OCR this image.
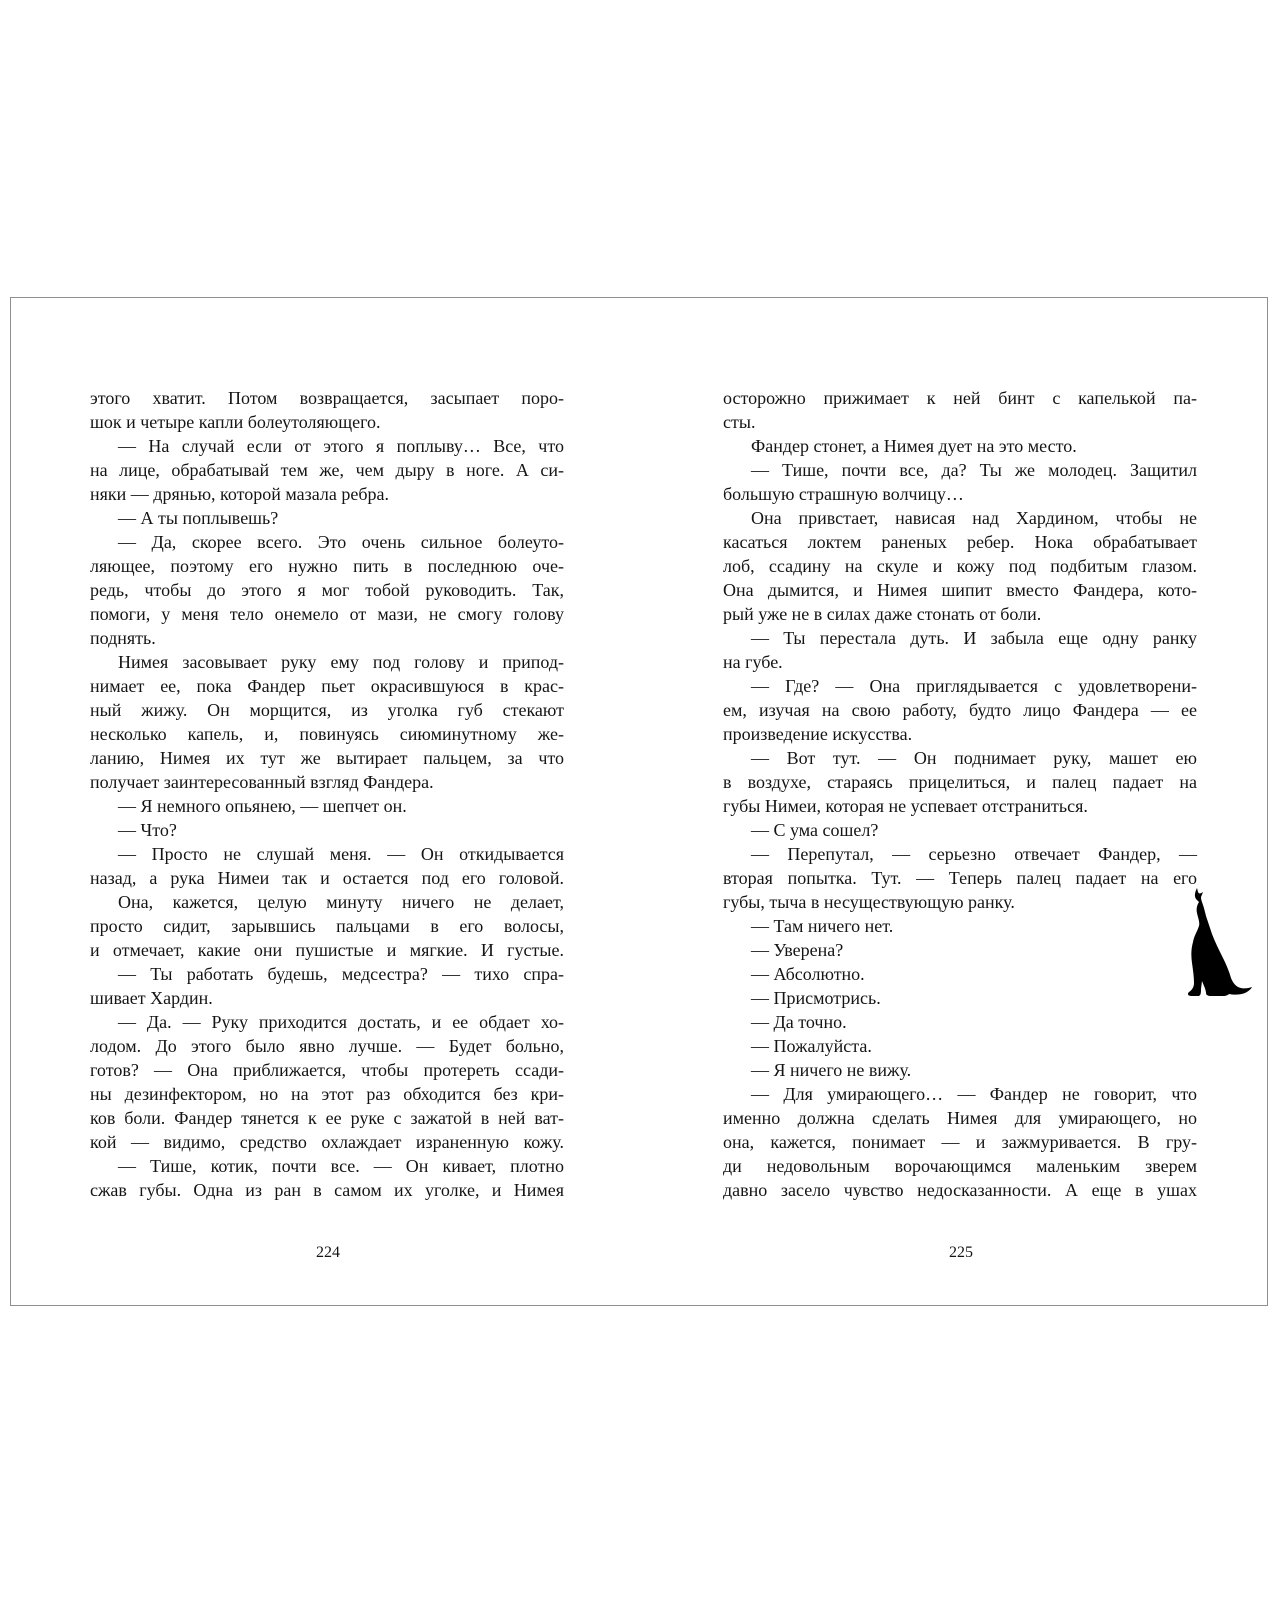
этого хватит. Потом возвращается, засыпает поро-
шок и четыре капли болеутоляющего.
— На случай если от этого я поплыву… Все, что
на лице, обрабатывай тем же, чем дыру в ноге. А си-
няки — дрянью, которой мазала ребра.
— А ты поплывешь?
— Да, скорее всего. Это очень сильное болеуто-
ляющее, поэтому его нужно пить в последнюю оче-
редь, чтобы до этого я мог тобой руководить. Так,
помоги, у меня тело онемело от мази, не смогу голову
поднять.
Нимея засовывает руку ему под голову и припод-
нимает ее, пока Фандер пьет окрасившуюся в крас-
ный жижу. Он морщится, из уголка губ стекают
несколько капель, и, повинуясь сиюминутному же-
ланию, Нимея их тут же вытирает пальцем, за что
получает заинтересованный взгляд Фандера.
— Я немного опьянею, — шепчет он.
— Что?
— Просто не слушай меня. — Он откидывается
назад, а рука Нимеи так и остается под его головой.
Она, кажется, целую минуту ничего не делает,
просто сидит, зарывшись пальцами в его волосы,
и отмечает, какие они пушистые и мягкие. И густые.
— Ты работать будешь, медсестра? — тихо спра-
шивает Хардин.
— Да. — Руку приходится достать, и ее обдает хо-
лодом. До этого было явно лучше. — Будет больно,
готов? — Она приближается, чтобы протереть ссади-
ны дезинфектором, но на этот раз обходится без кри-
ков боли. Фандер тянется к ее руке с зажатой в ней ват-
кой — видимо, средство охлаждает израненную кожу.
— Тише, котик, почти все. — Он кивает, плотно
сжав губы. Одна из ран в самом их уголке, и Нимея
осторожно прижимает к ней бинт с капелькой па-
сты.
Фандер стонет, а Нимея дует на это место.
— Тише, почти все, да? Ты же молодец. Защитил
большую страшную волчицу…
Она привстает, нависая над Хардином, чтобы не
касаться локтем раненых ребер. Нока обрабатывает
лоб, ссадину на скуле и кожу под подбитым глазом.
Она дымится, и Нимея шипит вместо Фандера, кото-
рый уже не в силах даже стонать от боли.
— Ты перестала дуть. И забыла еще одну ранку
на губе.
— Где? — Она приглядывается с удовлетворени-
ем, изучая на свою работу, будто лицо Фандера — ее
произведение искусства.
— Вот тут. — Он поднимает руку, машет ею
в воздухе, стараясь прицелиться, и палец падает на
губы Нимеи, которая не успевает отстраниться.
— С ума сошел?
— Перепутал, — серьезно отвечает Фандер, —
вторая попытка. Тут. — Теперь палец падает на его
губы, тыча в несуществующую ранку.
— Там ничего нет.
— Уверена?
— Абсолютно.
— Присмотрись.
— Да точно.
— Пожалуйста.
— Я ничего не вижу.
— Для умирающего… — Фандер не говорит, что
именно должна сделать Нимея для умирающего, но
она, кажется, понимает — и зажмуривается. В гру-
ди недовольным ворочающимся маленьким зверем
давно засело чувство недосказанности. А еще в ушах
224	225
